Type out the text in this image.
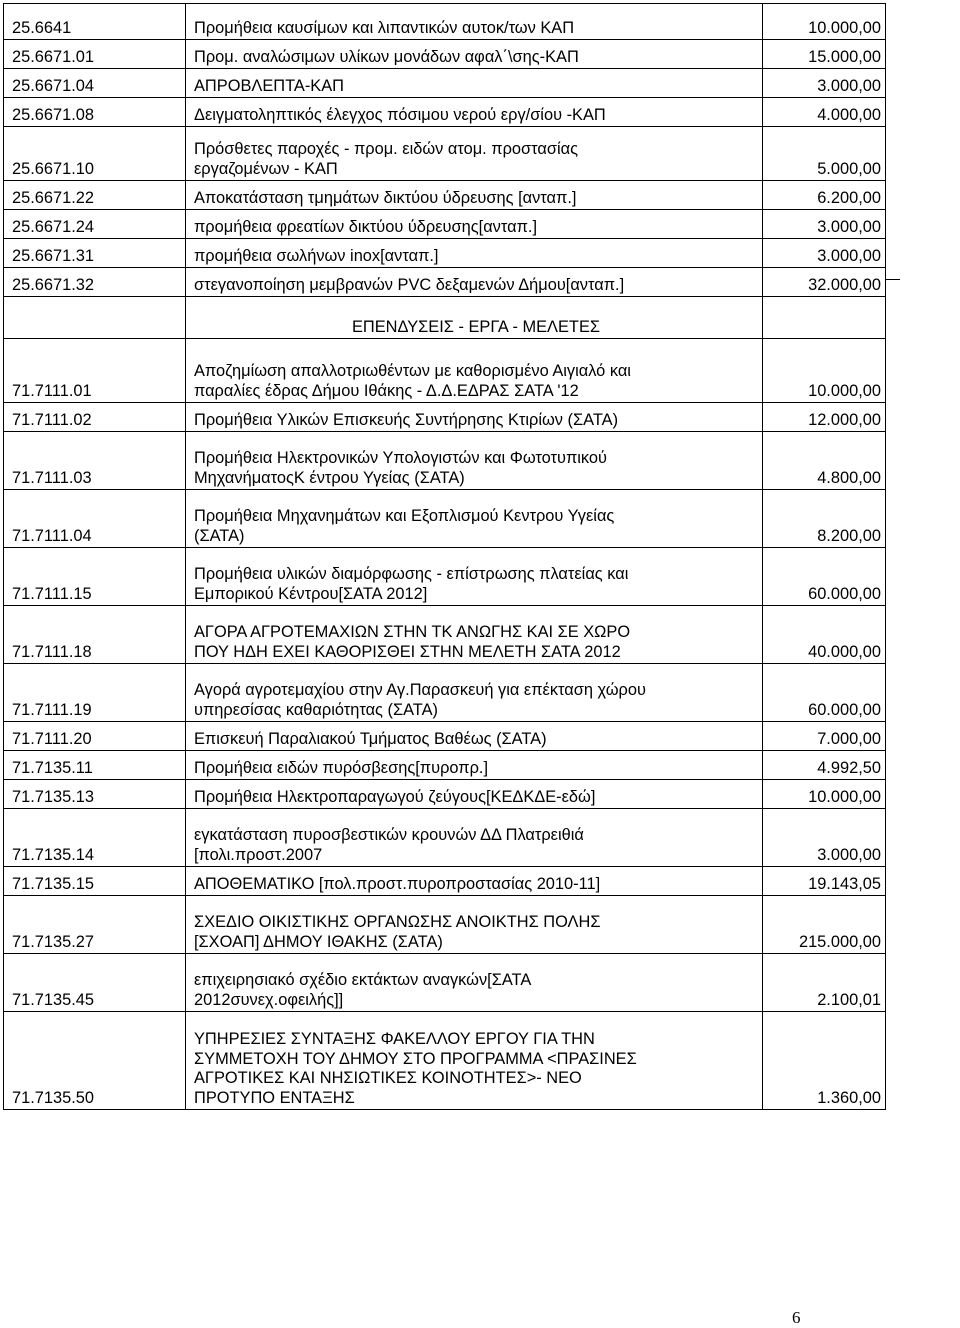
25.6641	Προμήθεια καυσίμων και λιπαντικών αυτοκ/των ΚΑΠ	10.000,00
25.6671.01	Προμ. αναλώσιμων υλίκων μονάδων αφαλ΄\σης-ΚΑΠ	15.000,00
25.6671.04	ΑΠΡΟΒΛΕΠΤΑ-ΚΑΠ	3.000,00
25.6671.08	Δειγματοληπτικός έλεγχος πόσιμου νερού εργ/σίου -ΚΑΠ	4.000,00
25.6671.10	Πρόσθετες παροχές - προμ. ειδών ατομ. προστασίας
εργαζομένων - ΚΑΠ	5.000,00
25.6671.22	Αποκατάσταση τμημάτων δικτύου ύδρευσης [ανταπ.]	6.200,00
25.6671.24	προμήθεια φρεατίων δικτύου ύδρευσης[ανταπ.]	3.000,00
25.6671.31	προμήθεια σωλήνων inox[ανταπ.]	3.000,00
25.6671.32	στεγανοποίηση μεμβρανών PVC δεξαμενών Δήμου[ανταπ.]	32.000,00
	ΕΠΕΝΔΥΣΕΙΣ - ΕΡΓΑ - ΜΕΛΕΤΕΣ	
71.7111.01	Αποζημίωση απαλλοτριωθέντων με καθορισμένο Αιγιαλό και
παραλίες έδρας Δήμου Ιθάκης - Δ.Δ.ΕΔΡΑΣ ΣΑΤΑ '12	10.000,00
71.7111.02	Προμήθεια Υλικών Επισκευής Συντήρησης Κτιρίων (ΣΑΤΑ)	12.000,00
71.7111.03	Προμήθεια Ηλεκτρονικών Υπολογιστών και Φωτοτυπικού
ΜηχανήματοςΚ έντρου Υγείας (ΣΑΤΑ)	4.800,00
71.7111.04	Προμήθεια Μηχανημάτων και Εξοπλισμού Κεντρου Υγείας
(ΣΑΤΑ)	8.200,00
71.7111.15	Προμήθεια υλικών διαμόρφωσης - επίστρωσης πλατείας και
Εμπορικού Κέντρου[ΣΑΤΑ 2012]	60.000,00
71.7111.18	ΑΓΟΡΑ ΑΓΡΟΤΕΜΑΧΙΩΝ ΣΤΗΝ ΤΚ ΑΝΩΓΗΣ ΚΑΙ ΣΕ ΧΩΡΟ
ΠΟΥ ΗΔΗ ΕΧΕΙ ΚΑΘΟΡΙΣΘΕΙ ΣΤΗΝ ΜΕΛΕΤΗ ΣΑΤΑ 2012	40.000,00
71.7111.19	Αγορά αγροτεμαχίου στην Αγ.Παρασκευή για επέκταση χώρου
υπηρεσίσας καθαριότητας (ΣΑΤΑ)	60.000,00
71.7111.20	Επισκευή Παραλιακού Τμήματος Βαθέως (ΣΑΤΑ)	7.000,00
71.7135.11	Προμήθεια ειδών πυρόσβεσης[πυροπρ.]	4.992,50
71.7135.13	Προμήθεια Ηλεκτροπαραγωγού ζεύγους[ΚΕΔΚΔΕ-εδώ]	10.000,00
71.7135.14	εγκατάσταση πυροσβεστικών κρουνών ΔΔ Πλατρειθιά
[πολι.προστ.2007	3.000,00
71.7135.15	ΑΠΟΘΕΜΑΤΙΚΟ [πολ.προστ.πυροπροστασίας 2010-11]	19.143,05
71.7135.27	ΣΧΕΔΙΟ ΟΙΚΙΣΤΙΚΗΣ ΟΡΓΑΝΩΣΗΣ ΑΝΟΙΚΤΗΣ ΠΟΛΗΣ
[ΣΧΟΑΠ] ΔΗΜΟΥ ΙΘΑΚΗΣ (ΣΑΤΑ)	215.000,00
71.7135.45	επιχειρησιακό σχέδιο εκτάκτων αναγκών[ΣΑΤΑ
2012συνεχ.οφειλής]]	2.100,01
71.7135.50	ΥΠΗΡΕΣΙΕΣ ΣΥΝΤΑΞΗΣ ΦΑΚΕΛΛΟΥ ΕΡΓΟΥ ΓΙΑ ΤΗΝ
ΣΥΜΜΕΤΟΧΗ ΤΟΥ ΔΗΜΟΥ ΣΤΟ ΠΡΟΓΡΑΜΜΑ <ΠΡΑΣΙΝΕΣ
ΑΓΡΟΤΙΚΕΣ ΚΑΙ ΝΗΣΙΩΤΙΚΕΣ ΚΟΙΝΟΤΗΤΕΣ>- ΝΕΟ
ΠΡΟΤΥΠΟ ΕΝΤΑΞΗΣ	1.360,00
6
